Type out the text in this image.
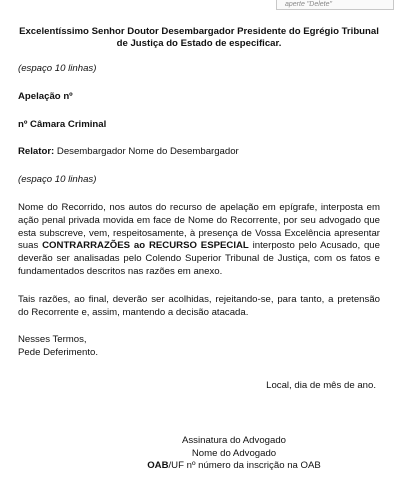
aperte "Delete"

Excelentíssimo Senhor Doutor Desembargador Presidente do Egrégio Tribunal de Justiça do Estado de especificar.

(espaço 10 linhas)

Apelação nº

nº Câmara Criminal

Relator: Desembargador Nome do Desembargador

(espaço 10 linhas)

Nome do Recorrido, nos autos do recurso de apelação em epígrafe, interposta em ação penal privada movida em face de Nome do Recorrente, por seu advogado que esta subscreve, vem, respeitosamente, à presença de Vossa Excelência apresentar suas CONTRARRAZÕES ao RECURSO ESPECIAL interposto pelo Acusado, que deverão ser analisadas pelo Colendo Superior Tribunal de Justiça, com os fatos e fundamentados descritos nas razões em anexo.

Tais razões, ao final, deverão ser acolhidas, rejeitando-se, para tanto, a pretensão do Recorrente e, assim, mantendo a decisão atacada.

Nesses Termos,

Pede Deferimento.

Local, dia de mês de ano.

Assinatura do Advogado

Nome do Advogado

OAB/UF nº número da inscrição na OAB
